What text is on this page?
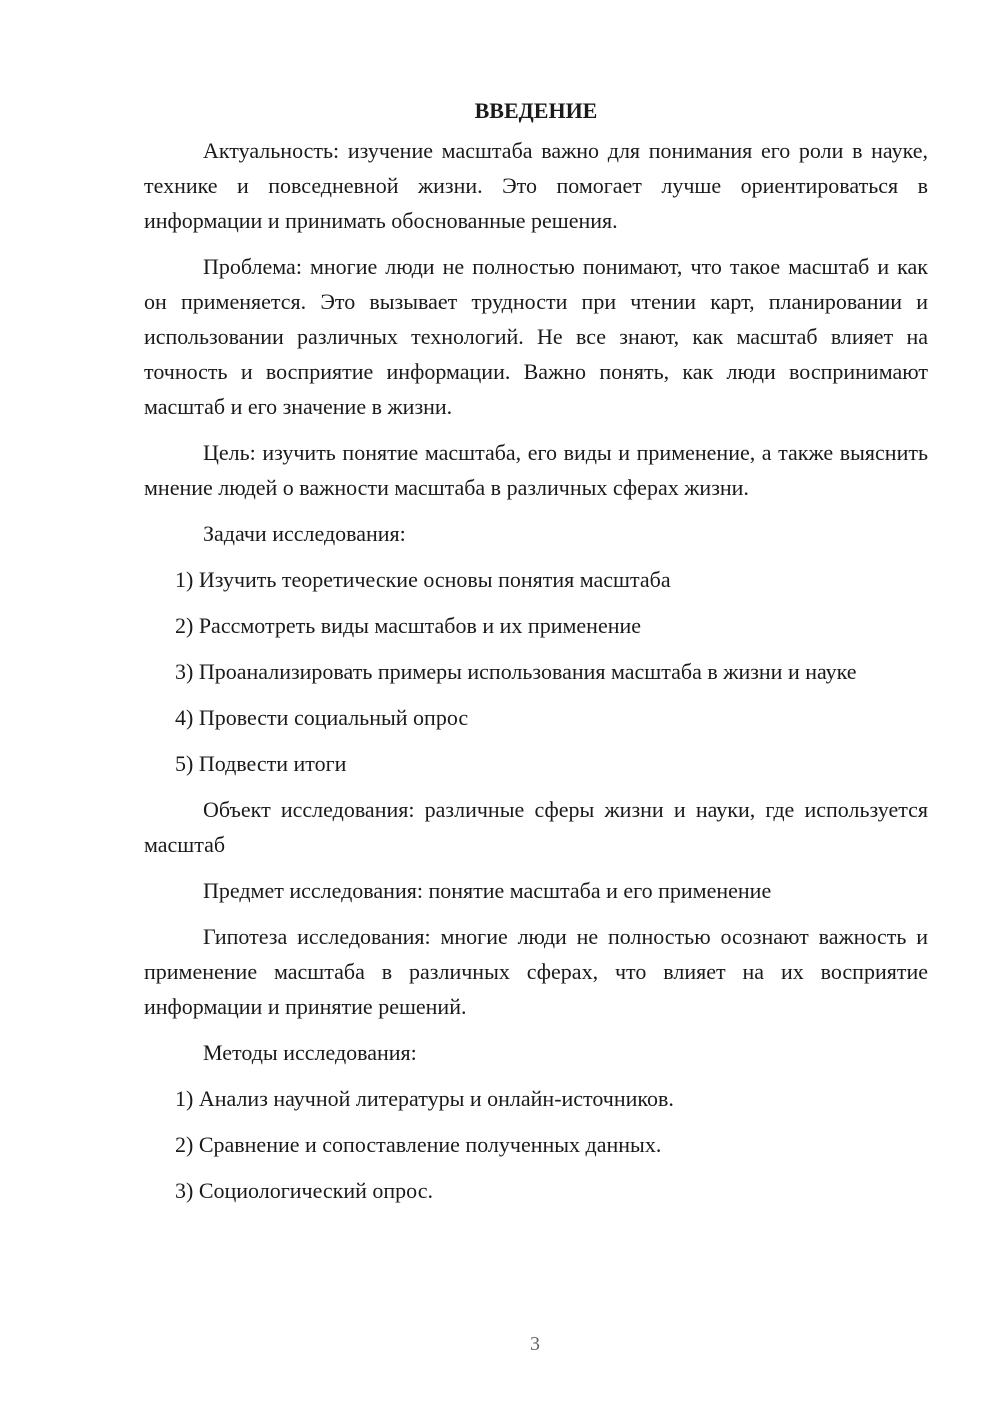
ВВЕДЕНИЕ

Актуальность: изучение масштаба важно для понимания его роли в науке, технике и повседневной жизни. Это помогает лучше ориентироваться в информации и принимать обоснованные решения.

Проблема: многие люди не полностью понимают, что такое масштаб и как он применяется. Это вызывает трудности при чтении карт, планировании и использовании различных технологий. Не все знают, как масштаб влияет на точность и восприятие информации. Важно понять, как люди воспринимают масштаб и его значение в жизни.

Цель: изучить понятие масштаба, его виды и применение, а также выяснить мнение людей о важности масштаба в различных сферах жизни.

Задачи исследования:

1) Изучить теоретические основы понятия масштаба

2) Рассмотреть виды масштабов и их применение

3) Проанализировать примеры использования масштаба в жизни и науке

4) Провести социальный опрос

5) Подвести итоги

Объект исследования: различные сферы жизни и науки, где используется масштаб

Предмет исследования: понятие масштаба и его применение

Гипотеза исследования: многие люди не полностью осознают важность и применение масштаба в различных сферах, что влияет на их восприятие информации и принятие решений.

Методы исследования:

1) Анализ научной литературы и онлайн-источников.

2) Сравнение и сопоставление полученных данных.

3) Социологический опрос.

3
